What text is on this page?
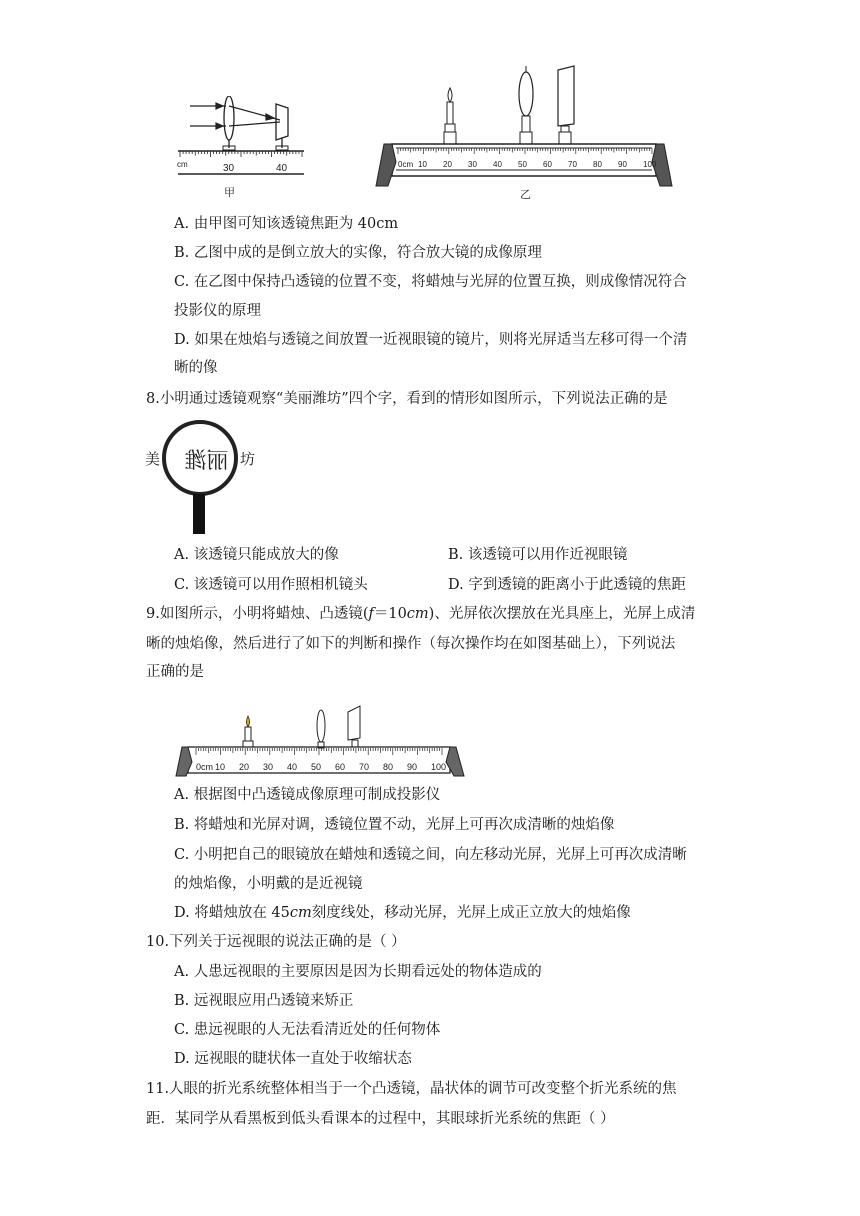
cm	30	40
甲
0cm 10 20 30 40 50 60 70 80 90 100
乙
A. 由甲图可知该透镜焦距为 40cm
B. 乙图中成的是倒立放大的实像，符合放大镜的成像原理
C. 在乙图中保持凸透镜的位置不变，将蜡烛与光屏的位置互换，则成像情况符合
投影仪的原理
D. 如果在烛焰与透镜之间放置一近视眼镜的镜片，则将光屏适当左移可得一个清
晰的像
8.小明通过透镜观察“美丽潍坊”四个字，看到的情形如图所示，下列说法正确的是
美 丽潍 坊
A. 该透镜只能成放大的像	B. 该透镜可以用作近视眼镜
C. 该透镜可以用作照相机镜头	D. 字到透镜的距离小于此透镜的焦距
9.如图所示，小明将蜡烛、凸透镜(𝑓＝10𝑐𝑚)、光屏依次摆放在光具座上，光屏上成清
晰的烛焰像，然后进行了如下的判断和操作（每次操作均在如图基础上），下列说法
正确的是
0cm 10 20 30 40 50 60 70 80 90 100
A. 根据图中凸透镜成像原理可制成投影仪
B. 将蜡烛和光屏对调，透镜位置不动，光屏上可再次成清晰的烛焰像
C. 小明把自己的眼镜放在蜡烛和透镜之间，向左移动光屏，光屏上可再次成清晰
的烛焰像，小明戴的是近视镜
D. 将蜡烛放在 45𝑐𝑚刻度线处，移动光屏，光屏上成正立放大的烛焰像
10.下列关于远视眼的说法正确的是（ ）
A. 人患远视眼的主要原因是因为长期看远处的物体造成的
B. 远视眼应用凸透镜来矫正
C. 患远视眼的人无法看清近处的任何物体
D. 远视眼的睫状体一直处于收缩状态
11.人眼的折光系统整体相当于一个凸透镜，晶状体的调节可改变整个折光系统的焦
距．某同学从看黑板到低头看课本的过程中，其眼球折光系统的焦距（ ）
